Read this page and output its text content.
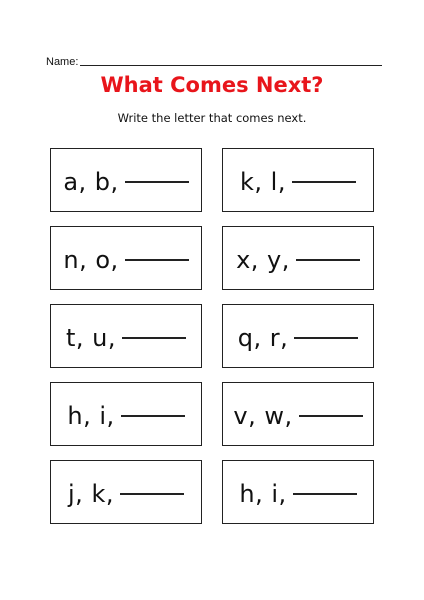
Name:
What Comes Next?

Write the letter that comes next.

a, b,	k, l,
n, o,	x, y,
t, u,	q, r,
h, i,	v, w,
j, k,	h, i,
